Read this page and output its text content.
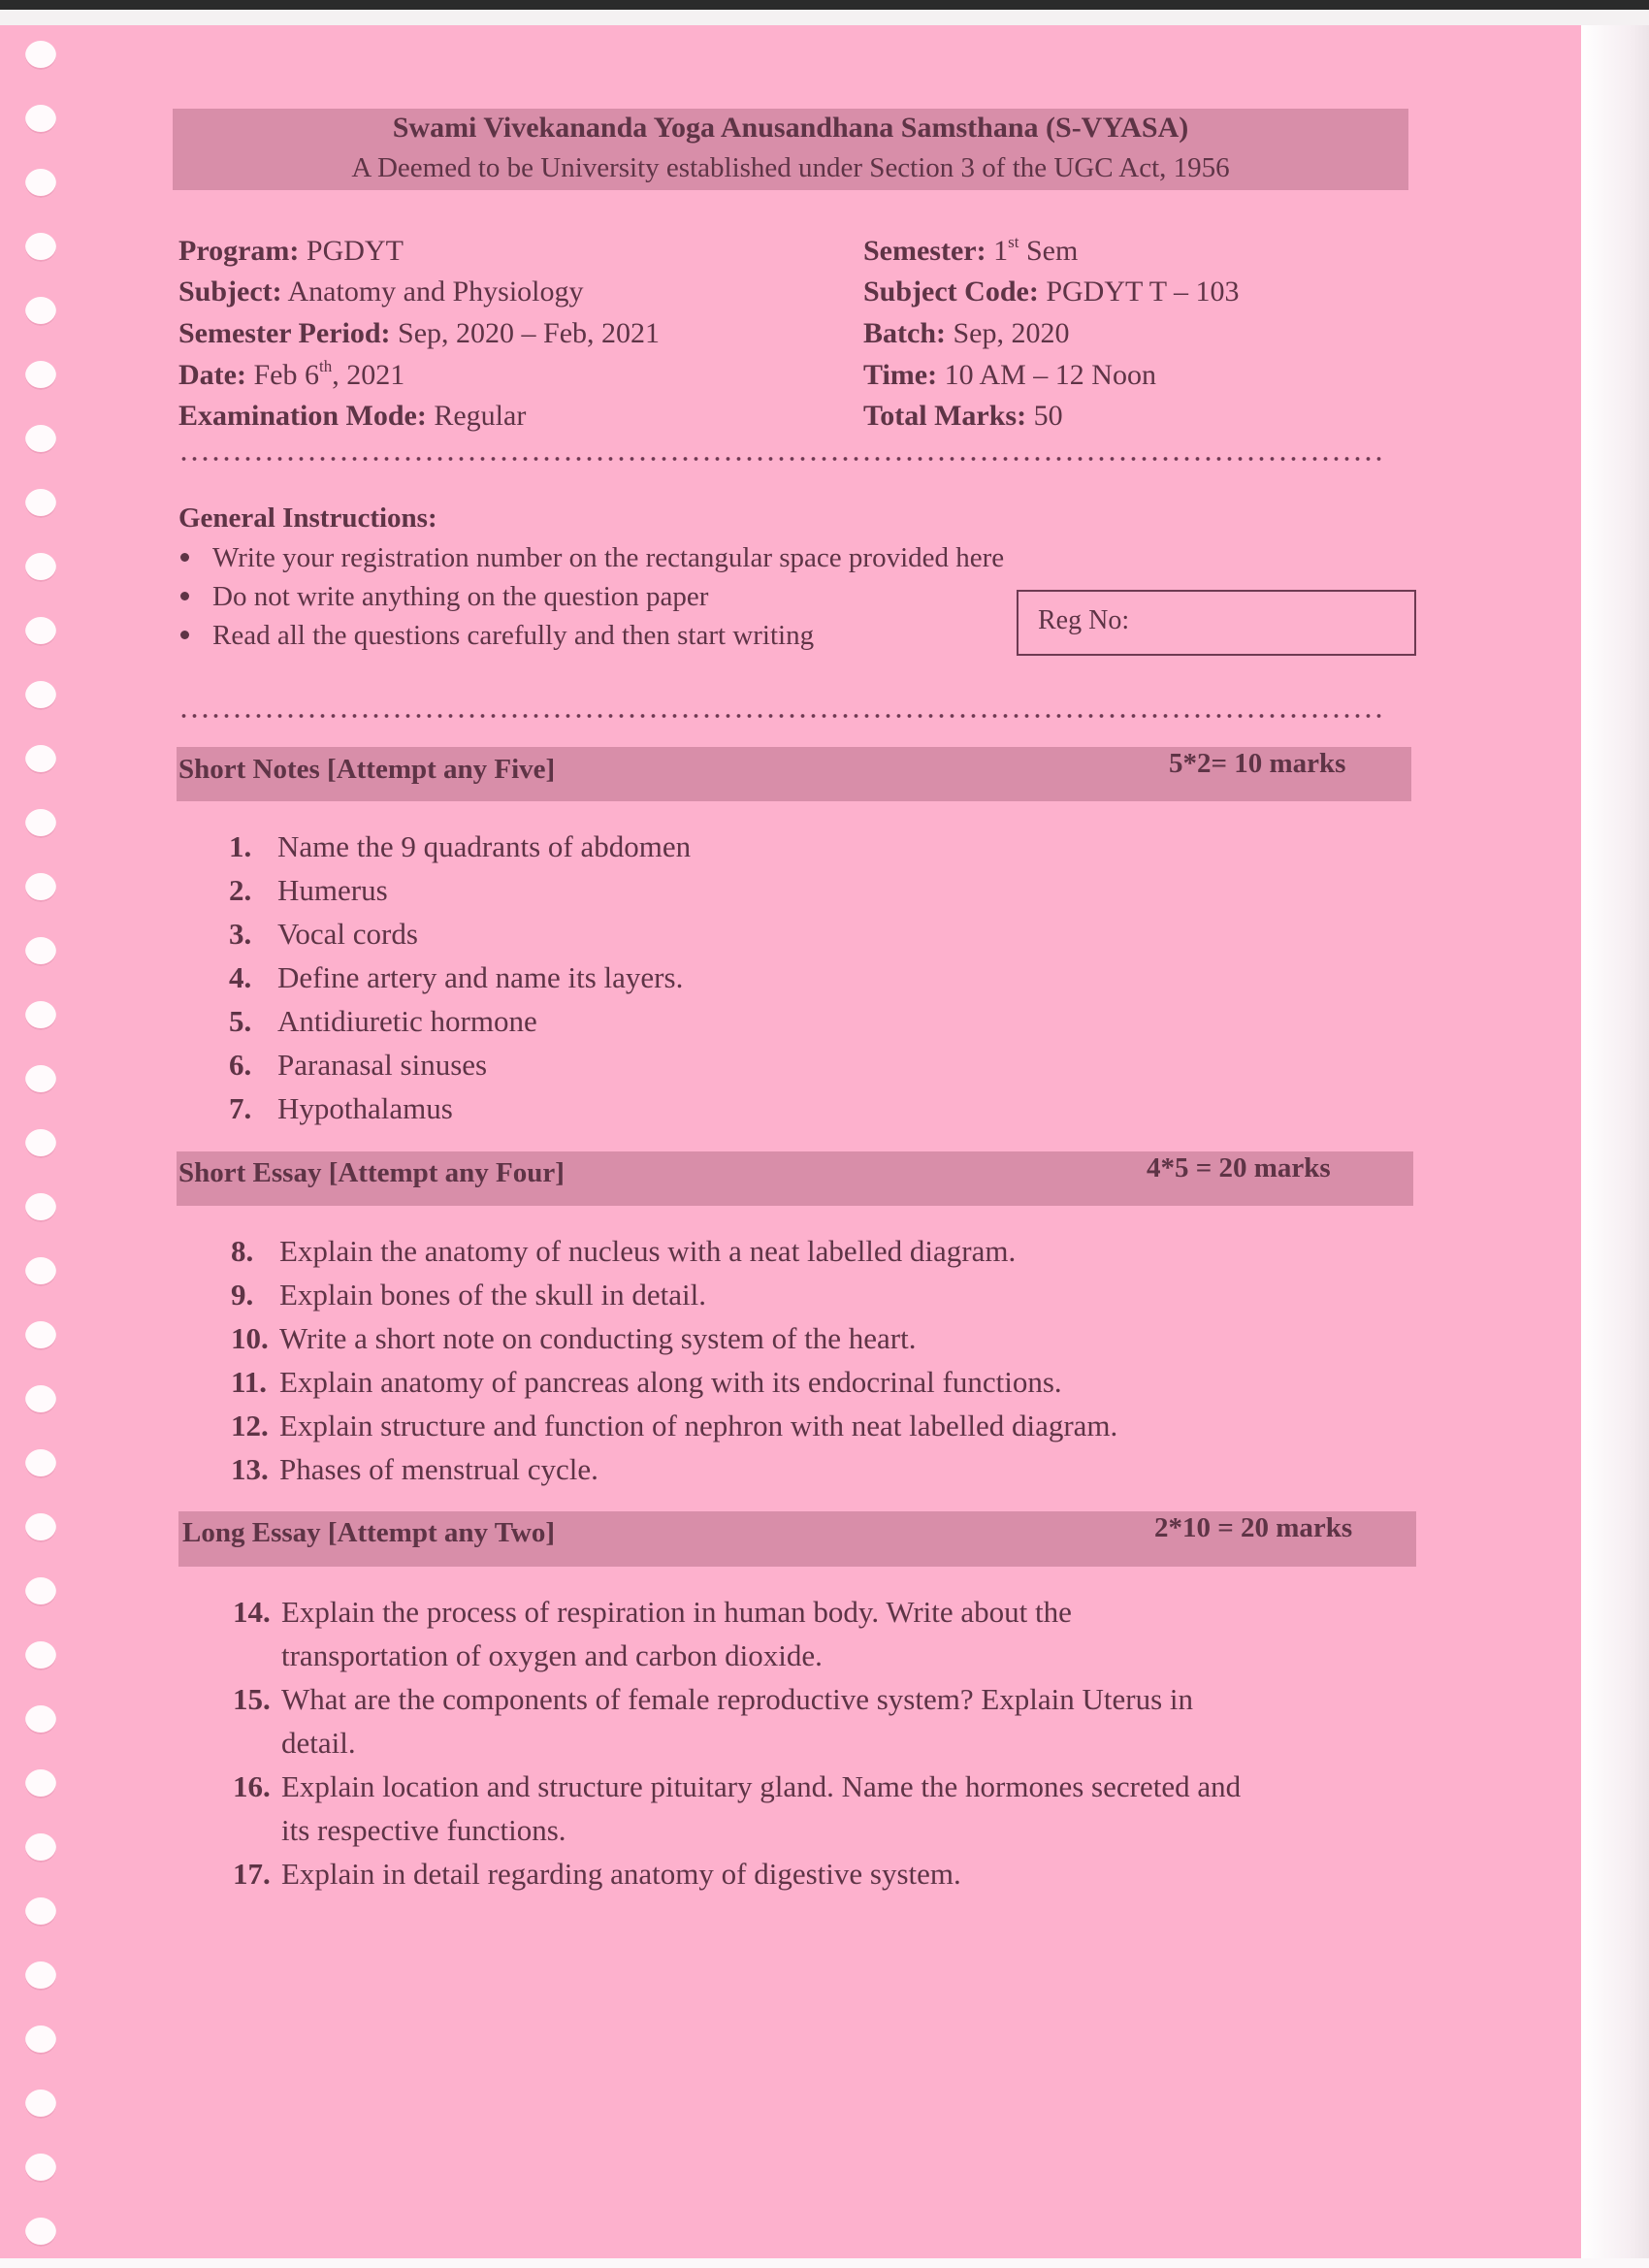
Swami Vivekananda Yoga Anusandhana Samsthana (S-VYASA)
A Deemed to be University established under Section 3 of the UGC Act, 1956
Program: PGDYT
Subject: Anatomy and Physiology
Semester Period: Sep, 2020 – Feb, 2021
Date: Feb 6th, 2021
Examination Mode: Regular
Semester: 1st Sem
Subject Code: PGDYT T – 103
Batch: Sep, 2020
Time: 10 AM – 12 Noon
Total Marks: 50
General Instructions:
Write your registration number on the rectangular space provided here
Do not write anything on the question paper
Read all the questions carefully and then start writing	Reg No:
Short Notes [Attempt any Five]	5*2= 10 marks
1. Name the 9 quadrants of abdomen
2. Humerus
3. Vocal cords
4. Define artery and name its layers.
5. Antidiuretic hormone
6. Paranasal sinuses
7. Hypothalamus
Short Essay [Attempt any Four]	4*5 = 20 marks
8. Explain the anatomy of nucleus with a neat labelled diagram.
9. Explain bones of the skull in detail.
10. Write a short note on conducting system of the heart.
11. Explain anatomy of pancreas along with its endocrinal functions.
12. Explain structure and function of nephron with neat labelled diagram.
13. Phases of menstrual cycle.
Long Essay [Attempt any Two]	2*10 = 20 marks
14. Explain the process of respiration in human body. Write about the
transportation of oxygen and carbon dioxide.
15. What are the components of female reproductive system? Explain Uterus in
detail.
16. Explain location and structure pituitary gland. Name the hormones secreted and
its respective functions.
17. Explain in detail regarding anatomy of digestive system.
